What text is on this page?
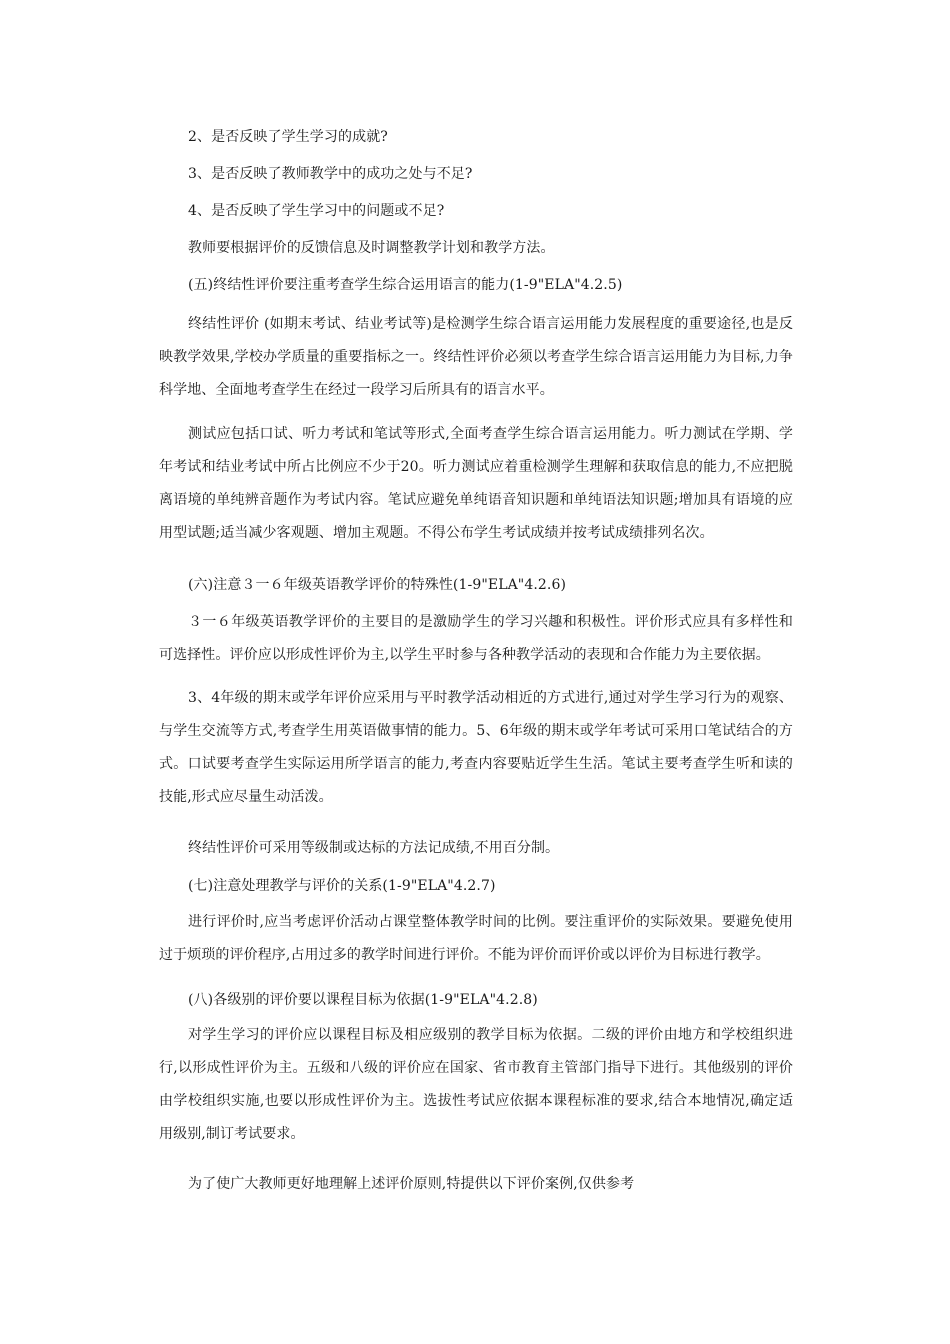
2、是否反映了学生学习的成就?
3、是否反映了教师教学中的成功之处与不足?
4、是否反映了学生学习中的问题或不足?
教师要根据评价的反馈信息及时调整教学计划和教学方法。
(五)终结性评价要注重考查学生综合运用语言的能力(1-9"ELA"4.2.5)
终结性评价 (如期末考试、结业考试等)是检测学生综合语言运用能力发展程度的重要途径,也是反映教学效果,学校办学质量的重要指标之一。终结性评价必须以考查学生综合语言运用能力为目标,力争科学地、全面地考查学生在经过一段学习后所具有的语言水平。
测试应包括口试、听力考试和笔试等形式,全面考查学生综合语言运用能力。听力测试在学期、学年考试和结业考试中所占比例应不少于20。听力测试应着重检测学生理解和获取信息的能力,不应把脱离语境的单纯辨音题作为考试内容。笔试应避免单纯语音知识题和单纯语法知识题;增加具有语境的应用型试题;适当减少客观题、增加主观题。不得公布学生考试成绩并按考试成绩排列名次。
(六)注意３一６年级英语教学评价的特殊性(1-9"ELA"4.2.6)
３一６年级英语教学评价的主要目的是激励学生的学习兴趣和积极性。评价形式应具有多样性和可选择性。评价应以形成性评价为主,以学生平时参与各种教学活动的表现和合作能力为主要依据。
3、4年级的期末或学年评价应采用与平时教学活动相近的方式进行,通过对学生学习行为的观察、与学生交流等方式,考查学生用英语做事情的能力。5、6年级的期末或学年考试可采用口笔试结合的方式。口试要考查学生实际运用所学语言的能力,考查内容要贴近学生生活。笔试主要考查学生听和读的技能,形式应尽量生动活泼。
终结性评价可采用等级制或达标的方法记成绩,不用百分制。
(七)注意处理教学与评价的关系(1-9"ELA"4.2.7)
进行评价时,应当考虑评价活动占课堂整体教学时间的比例。要注重评价的实际效果。要避免使用过于烦琐的评价程序,占用过多的教学时间进行评价。不能为评价而评价或以评价为目标进行教学。
(八)各级别的评价要以课程目标为依据(1-9"ELA"4.2.8)
对学生学习的评价应以课程目标及相应级别的教学目标为依据。二级的评价由地方和学校组织进行,以形成性评价为主。五级和八级的评价应在国家、省市教育主管部门指导下进行。其他级别的评价由学校组织实施,也要以形成性评价为主。选拔性考试应依据本课程标准的要求,结合本地情况,确定适用级别,制订考试要求。
为了使广大教师更好地理解上述评价原则,特提供以下评价案例,仅供参考
